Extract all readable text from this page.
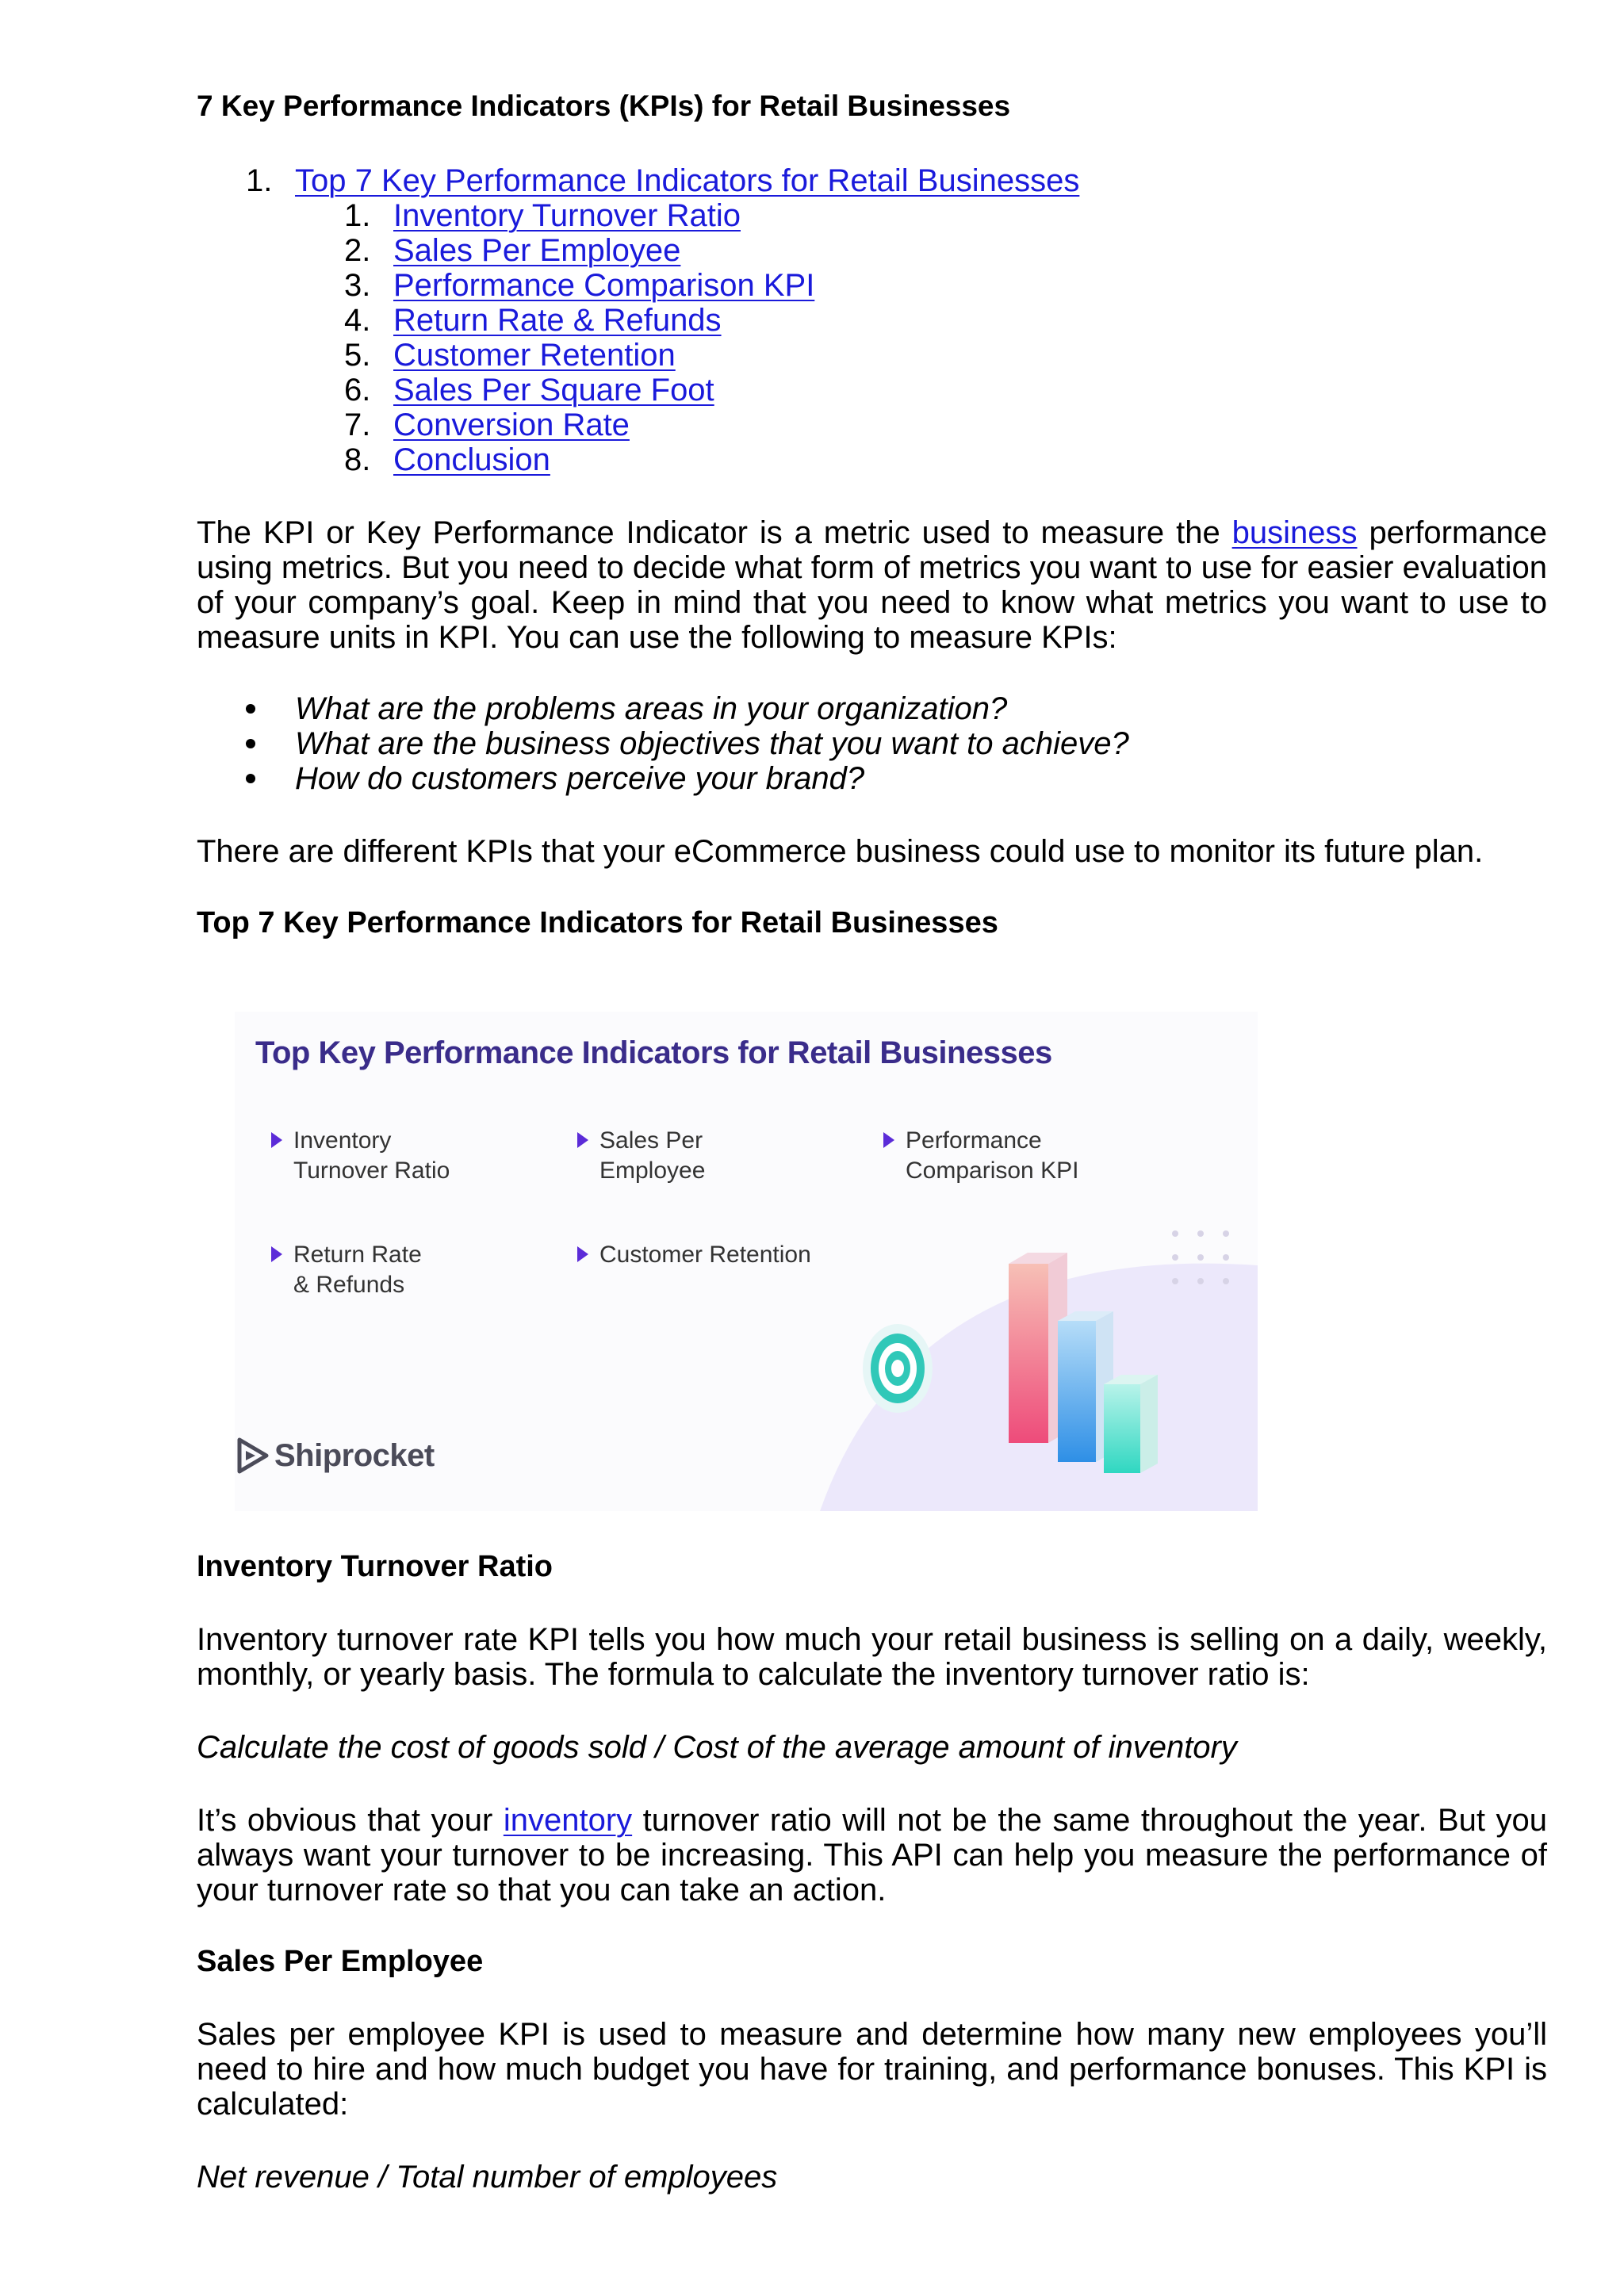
7 Key Performance Indicators (KPIs) for Retail Businesses
1. Top 7 Key Performance Indicators for Retail Businesses
1. Inventory Turnover Ratio
2. Sales Per Employee
3. Performance Comparison KPI
4. Return Rate & Refunds
5. Customer Retention
6. Sales Per Square Foot
7. Conversion Rate
8. Conclusion

The KPI or Key Performance Indicator is a metric used to measure the business performance using metrics. But you need to decide what form of metrics you want to use for easier evaluation of your company’s goal. Keep in mind that you need to know what metrics you want to use to measure units in KPI. You can use the following to measure KPIs:

What are the problems areas in your organization?
What are the business objectives that you want to achieve?
How do customers perceive your brand?

There are different KPIs that your eCommerce business could use to monitor its future plan.

Top 7 Key Performance Indicators for Retail Businesses
Top Key Performance Indicators for Retail Businesses
Inventory
Turnover Ratio
Sales Per
Employee
Performance
Comparison KPI
Return Rate
& Refunds
Customer Retention
Shiprocket
Inventory Turnover Ratio

Inventory turnover rate KPI tells you how much your retail business is selling on a daily, weekly, monthly, or yearly basis. The formula to calculate the inventory turnover ratio is:

Calculate the cost of goods sold / Cost of the average amount of inventory

It’s obvious that your inventory turnover ratio will not be the same throughout the year. But you always want your turnover to be increasing. This API can help you measure the performance of your turnover rate so that you can take an action.

Sales Per Employee

Sales per employee KPI is used to measure and determine how many new employees you’ll need to hire and how much budget you have for training, and performance bonuses. This KPI is calculated:

Net revenue / Total number of employees
